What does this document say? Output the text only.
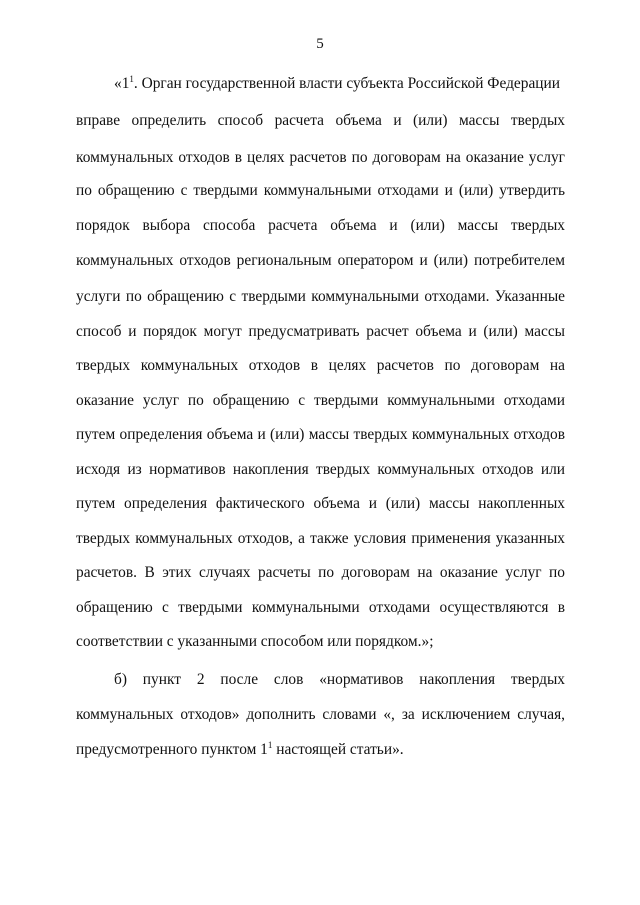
5
«$1^1$. Орган государственной власти субъекта Российской Федерации
вправе определить способ расчета объема и (или) массы твердых
коммунальных отходов в целях расчетов по договорам на оказание услуг
по обращению с твердыми коммунальными отходами и (или) утвердить
порядок выбора способа расчета объема и (или) массы твердых
коммунальных отходов региональным оператором и (или) потребителем
услуги по обращению с твердыми коммунальными отходами. Указанные
способ и порядок могут предусматривать расчет объема и (или) массы
твердых коммунальных отходов в целях расчетов по договорам на
оказание услуг по обращению с твердыми коммунальными отходами
путем определения объема и (или) массы твердых коммунальных отходов
исходя из нормативов накопления твердых коммунальных отходов или
путем определения фактического объема и (или) массы накопленных
твердых коммунальных отходов, а также условия применения указанных
расчетов. В этих случаях расчеты по договорам на оказание услуг по
обращению с твердыми коммунальными отходами осуществляются в
соответствии с указанными способом или порядком.»;
б) пункт 2 после слов «нормативов накопления твердых
коммунальных отходов» дополнить словами «, за исключением случая,
предусмотренного пунктом $1^1$ настоящей статьи».
